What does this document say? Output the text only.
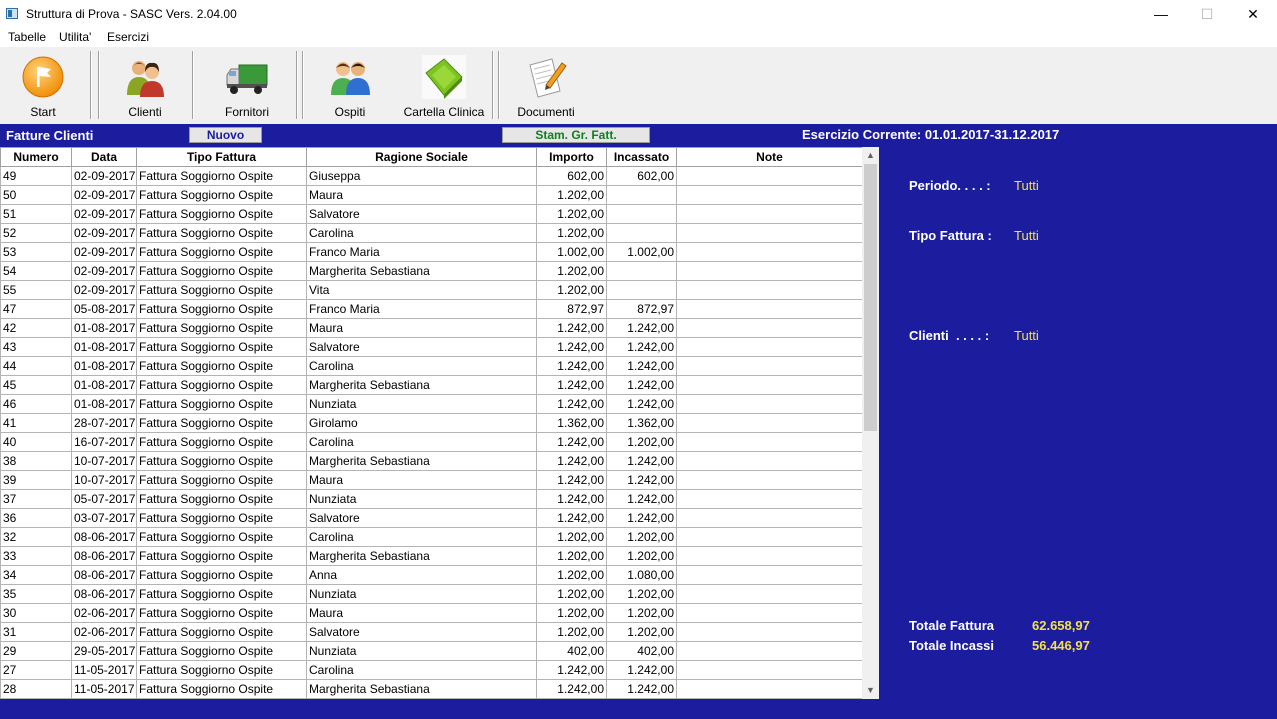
Struttura di Prova - SASC Vers. 2.04.00	—	☐	✕
Tabelle Utilita' Esercizi
Start	Clienti	Fornitori	Ospiti	Cartella Clinica	Documenti
Fatture Clienti	Nuovo	Stam. Gr. Fatt.	Esercizio Corrente: 01.01.2017-31.12.2017
Numero	Data	Tipo Fattura	Ragione Sociale	Importo	Incassato	Note
49	02-09-2017	Fattura Soggiorno Ospite	Giuseppa	602,00	602,00	
50	02-09-2017	Fattura Soggiorno Ospite	Maura	1.202,00		
51	02-09-2017	Fattura Soggiorno Ospite	Salvatore	1.202,00		
52	02-09-2017	Fattura Soggiorno Ospite	Carolina	1.202,00		
53	02-09-2017	Fattura Soggiorno Ospite	Franco Maria	1.002,00	1.002,00	
54	02-09-2017	Fattura Soggiorno Ospite	Margherita Sebastiana	1.202,00		
55	02-09-2017	Fattura Soggiorno Ospite	Vita	1.202,00		
47	05-08-2017	Fattura Soggiorno Ospite	Franco Maria	872,97	872,97	
42	01-08-2017	Fattura Soggiorno Ospite	Maura	1.242,00	1.242,00	
43	01-08-2017	Fattura Soggiorno Ospite	Salvatore	1.242,00	1.242,00	
44	01-08-2017	Fattura Soggiorno Ospite	Carolina	1.242,00	1.242,00	
45	01-08-2017	Fattura Soggiorno Ospite	Margherita Sebastiana	1.242,00	1.242,00	
46	01-08-2017	Fattura Soggiorno Ospite	Nunziata	1.242,00	1.242,00	
41	28-07-2017	Fattura Soggiorno Ospite	Girolamo	1.362,00	1.362,00	
40	16-07-2017	Fattura Soggiorno Ospite	Carolina	1.242,00	1.202,00	
38	10-07-2017	Fattura Soggiorno Ospite	Margherita Sebastiana	1.242,00	1.242,00	
39	10-07-2017	Fattura Soggiorno Ospite	Maura	1.242,00	1.242,00	
37	05-07-2017	Fattura Soggiorno Ospite	Nunziata	1.242,00	1.242,00	
36	03-07-2017	Fattura Soggiorno Ospite	Salvatore	1.242,00	1.242,00	
32	08-06-2017	Fattura Soggiorno Ospite	Carolina	1.202,00	1.202,00	
33	08-06-2017	Fattura Soggiorno Ospite	Margherita Sebastiana	1.202,00	1.202,00	
34	08-06-2017	Fattura Soggiorno Ospite	Anna	1.202,00	1.080,00	
35	08-06-2017	Fattura Soggiorno Ospite	Nunziata	1.202,00	1.202,00	
30	02-06-2017	Fattura Soggiorno Ospite	Maura	1.202,00	1.202,00	
31	02-06-2017	Fattura Soggiorno Ospite	Salvatore	1.202,00	1.202,00	
29	29-05-2017	Fattura Soggiorno Ospite	Nunziata	402,00	402,00	
27	11-05-2017	Fattura Soggiorno Ospite	Carolina	1.242,00	1.242,00	
28	11-05-2017	Fattura Soggiorno Ospite	Margherita Sebastiana	1.242,00	1.242,00	
▲
▼
Periodo. . . . : Tutti
Tipo Fattura : Tutti
Clienti  . . . . : Tutti
Totale Fattura	62.658,97
Totale Incassi	56.446,97
